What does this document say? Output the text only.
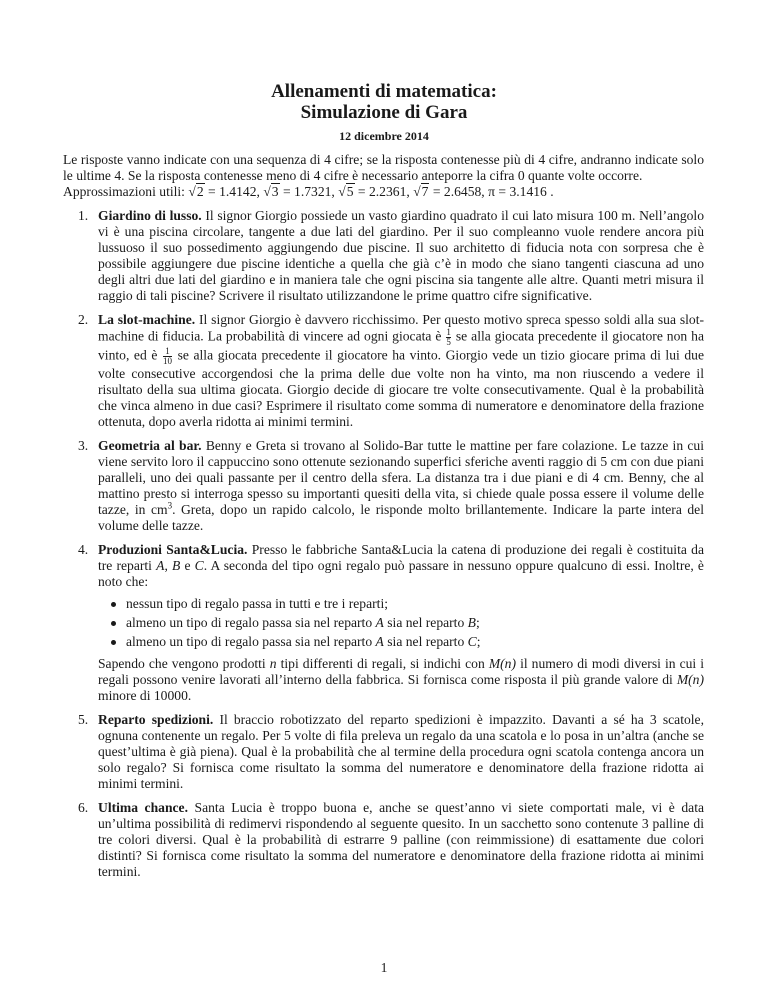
Allenamenti di matematica:
Simulazione di Gara
12 dicembre 2014
Le risposte vanno indicate con una sequenza di 4 cifre; se la risposta contenesse più di 4 cifre, andranno indicate solo le ultime 4. Se la risposta contenesse meno di 4 cifre è necessario anteporre la cifra 0 quante volte occorre.
Approssimazioni utili: √2 = 1.4142, √3 = 1.7321, √5 = 2.2361, √7 = 2.6458, π = 3.1416 .
1. Giardino di lusso. Il signor Giorgio possiede un vasto giardino quadrato il cui lato misura 100 m. Nell’angolo vi è una piscina circolare, tangente a due lati del giardino. Per il suo compleanno vuole rendere ancora più lussuoso il suo possedimento aggiungendo due piscine. Il suo architetto di fiducia nota con sorpresa che è possibile aggiungere due piscine identiche a quella che già c’è in modo che siano tangenti ciascuna ad uno degli altri due lati del giardino e in maniera tale che ogni piscina sia tangente alle altre. Quanti metri misura il raggio di tali piscine? Scrivere il risultato utilizzandone le prime quattro cifre significative.
2. La slot-machine. Il signor Giorgio è davvero ricchissimo. Per questo motivo spreca spesso soldi alla sua slot-machine di fiducia. La probabilità di vincere ad ogni giocata è $\frac{1}{5}$ se alla giocata precedente il giocatore non ha vinto, ed è $\frac{1}{10}$ se alla giocata precedente il giocatore ha vinto. Giorgio vede un tizio giocare prima di lui due volte consecutive accorgendosi che la prima delle due volte non ha vinto, ma non riuscendo a vedere il risultato della sua ultima giocata. Giorgio decide di giocare tre volte consecutivamente. Qual è la probabilità che vinca almeno in due casi? Esprimere il risultato come somma di numeratore e denominatore della frazione ottenuta, dopo averla ridotta ai minimi termini.
3. Geometria al bar. Benny e Greta si trovano al Solido-Bar tutte le mattine per fare colazione. Le tazze in cui viene servito loro il cappuccino sono ottenute sezionando superfici sferiche aventi raggio di 5 cm con due piani paralleli, uno dei quali passante per il centro della sfera. La distanza tra i due piani e di 4 cm. Benny, che al mattino presto si interroga spesso su importanti quesiti della vita, si chiede quale possa essere il volume delle tazze, in $cm^3$. Greta, dopo un rapido calcolo, le risponde molto brillantemente. Indicare la parte intera del volume delle tazze.
4. Produzioni Santa&Lucia. Presso le fabbriche Santa&Lucia la catena di produzione dei regali è costituita da tre reparti A, B e C. A seconda del tipo ogni regalo può passare in nessuno oppure qualcuno di essi. Inoltre, è noto che:
nessun tipo di regalo passa in tutti e tre i reparti;
almeno un tipo di regalo passa sia nel reparto A sia nel reparto B;
almeno un tipo di regalo passa sia nel reparto A sia nel reparto C;
Sapendo che vengono prodotti n tipi differenti di regali, si indichi con M(n) il numero di modi diversi in cui i regali possono venire lavorati all’interno della fabbrica. Si fornisca come risposta il più grande valore di M(n) minore di 10000.
5. Reparto spedizioni. Il braccio robotizzato del reparto spedizioni è impazzito. Davanti a sé ha 3 scatole, ognuna contenente un regalo. Per 5 volte di fila preleva un regalo da una scatola e lo posa in un’altra (anche se quest’ultima è già piena). Qual è la probabilità che al termine della procedura ogni scatola contenga ancora un solo regalo? Si fornisca come risultato la somma del numeratore e denominatore della frazione ridotta ai minimi termini.
6. Ultima chance. Santa Lucia è troppo buona e, anche se quest’anno vi siete comportati male, vi è data un’ultima possibilità di redimervi rispondendo al seguente quesito. In un sacchetto sono contenute 3 palline di tre colori diversi. Qual è la probabilità di estrarre 9 palline (con reimmissione) di esattamente due colori distinti? Si fornisca come risultato la somma del numeratore e denominatore della frazione ridotta ai minimi termini.
1
